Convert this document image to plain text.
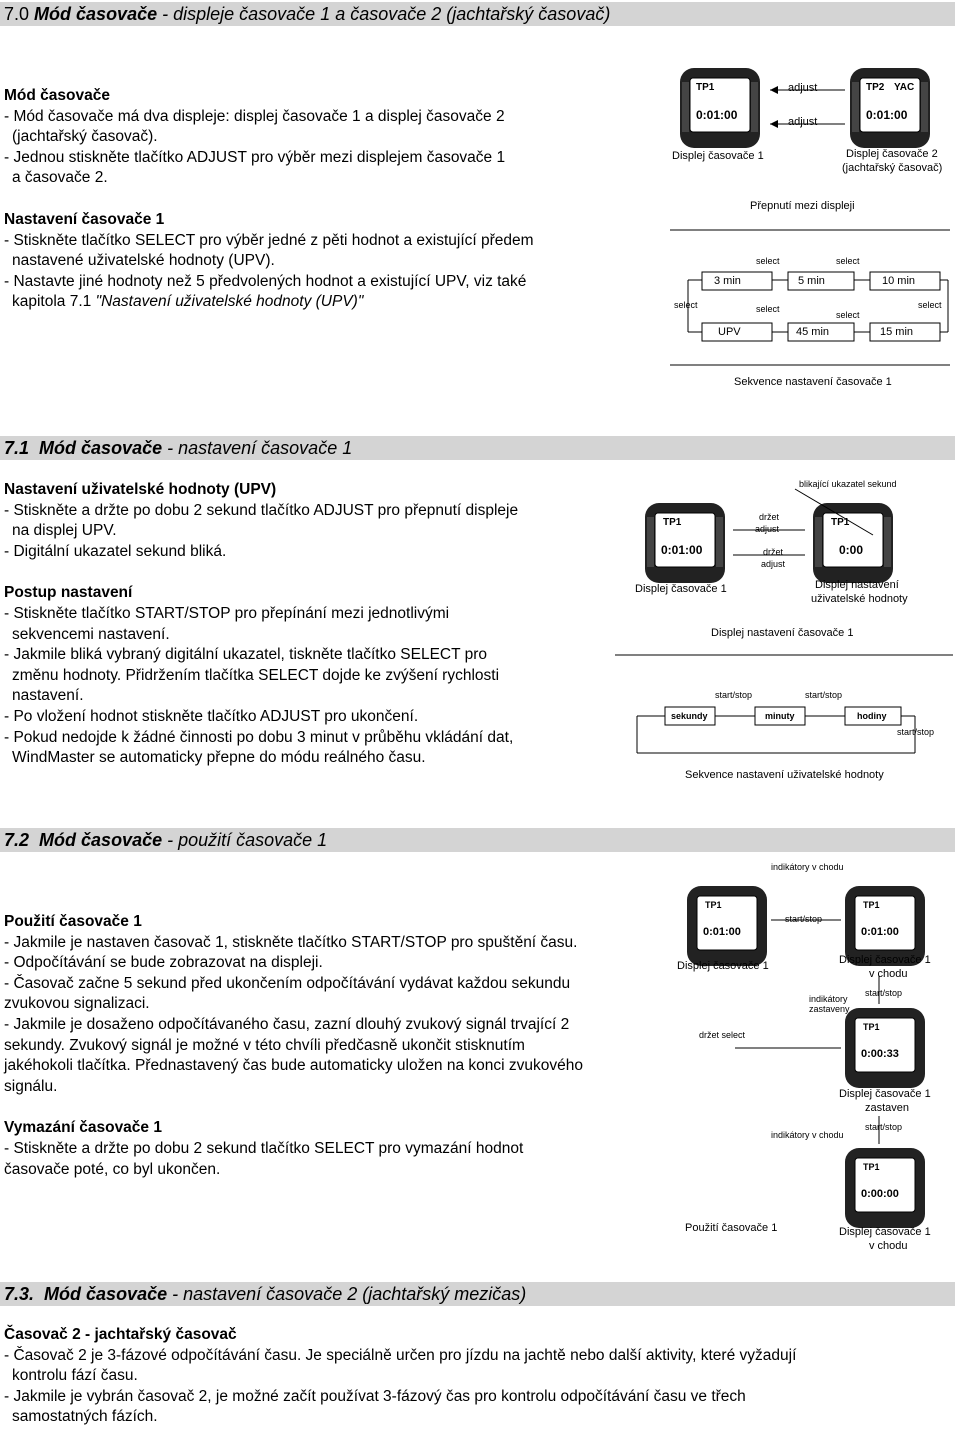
7.0 Mód časovače - displeje časovače 1 a časovače 2 (jachtařský časovač)
Mód časovače
- Mód časovače má dva displeje: displej časovače 1 a displej časovače 2
(jachtařský časovač).
- Jednou stiskněte tlačítko ADJUST pro výběr mezi displejem časovače 1
a časovače 2.
Nastavení časovače 1
- Stiskněte tlačítko SELECT pro výběr jedné z pěti hodnot a existující předem
nastavené uživatelské hodnoty (UPV).
- Nastavte jiné hodnoty než 5 předvolených hodnot a existující UPV, viz také
kapitola 7.1 "Nastavení uživatelské hodnoty (UPV)"
TP1
0:01:00
TP2 YAC
0:01:00
adjust
adjust
Displej časovače 1	Displej časovače 2
(jachtařský časovač)
Přepnutí mezi displeji
select	select
select	select
select
select
3 min	5 min	10 min
UPV	45 min	15 min
Sekvence nastavení časovače 1
7.1 Mód časovače - nastavení časovače 1
Nastavení uživatelské hodnoty (UPV)
- Stiskněte a držte po dobu 2 sekund tlačítko ADJUST pro přepnutí displeje
na displej UPV.
- Digitální ukazatel sekund bliká.
Postup nastavení
- Stiskněte tlačítko START/STOP pro přepínání mezi jednotlivými
sekvencemi nastavení.
- Jakmile bliká vybraný digitální ukazatel, tiskněte tlačítko SELECT pro
změnu hodnoty. Přidržením tlačítka SELECT dojde ke zvýšení rychlosti
nastavení.
- Po vložení hodnot stiskněte tlačítko ADJUST pro ukončení.
- Pokud nedojde k žádné činnosti po dobu 3 minut v průběhu vkládání dat,
WindMaster se automaticky přepne do módu reálného času.
TP1
0:01:00
TP1
0:00
blikající ukazatel sekund
držet
adjust
držet
adjust
Displej časovače 1	Displej nastavení
uživatelské hodnoty
Displej nastavení časovače 1
start/stop	start/stop
start/stop
sekundy	minuty	hodiny
Sekvence nastavení uživatelské hodnoty
7.2 Mód časovače - použití časovače 1
Použití časovače 1
- Jakmile je nastaven časovač 1, stiskněte tlačítko START/STOP pro spuštění času.
- Odpočítávání se bude zobrazovat na displeji.
- Časovač začne 5 sekund před ukončením odpočítávání vydávat každou sekundu
zvukovou signalizaci.
- Jakmile je dosaženo odpočítávaného času, zazní dlouhý zvukový signál trvající 2
sekundy. Zvukový signál je možné v této chvíli předčasně ukončit stisknutím
jakéhokoli tlačítka. Přednastavený čas bude automaticky uložen na konci zvukového
signálu.
Vymazání časovače 1
- Stiskněte a držte po dobu 2 sekund tlačítko SELECT pro vymazání hodnot
časovače poté, co byl ukončen.
indikátory v chodu
start/stop
Displej časovače 1	Displej časovače 1
v chodu
indikátory
zastaveny
start/stop
držet select
Displej časovače 1
zastaven
start/stop
indikátory v chodu
Použití časovače 1	Displej časovače 1
v chodu
TP1
0:01:00
TP1
0:01:00
TP1
0:00:33
TP1
0:00:00
7.3. Mód časovače - nastavení časovače 2 (jachtařský mezičas)
Časovač 2 - jachtařský časovač
- Časovač 2 je 3-fázové odpočítávání času. Je speciálně určen pro jízdu na jachtě nebo další aktivity, které vyžadují
kontrolu fází času.
- Jakmile je vybrán časovač 2, je možné začít používat 3-fázový čas pro kontrolu odpočítávání času ve třech
samostatných fázích.
